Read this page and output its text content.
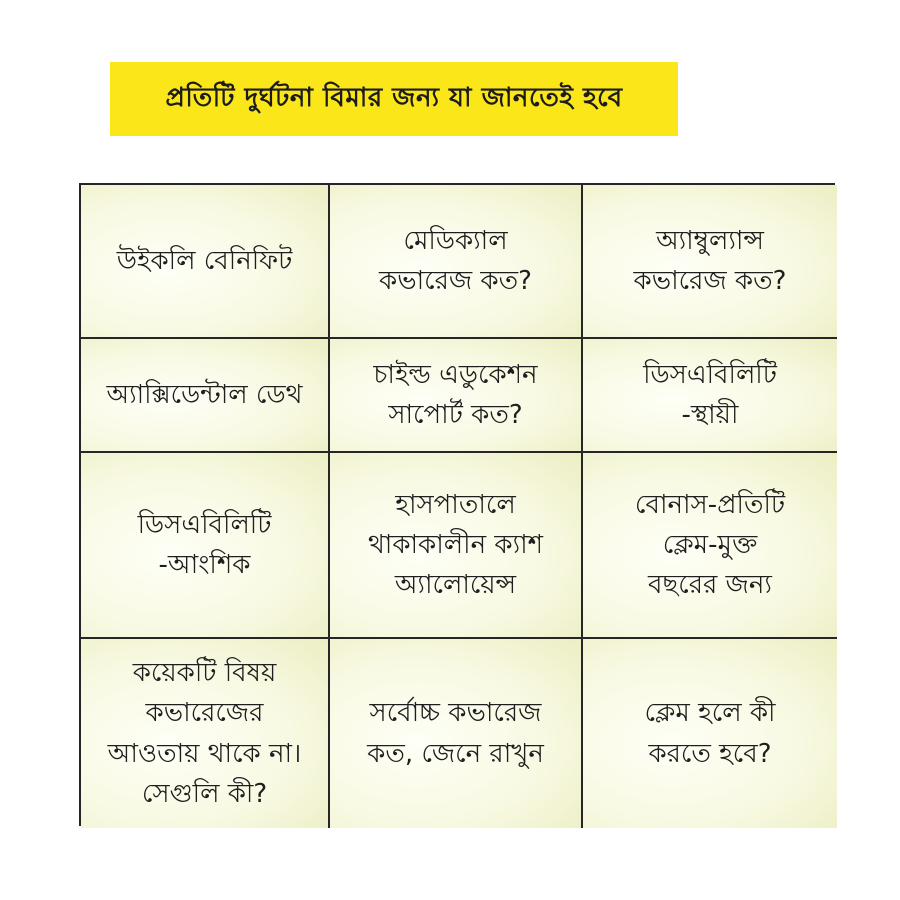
প্রতিটি দুর্ঘটনা বিমার জন্য যা জানতেই হবে
উইকলি বেনিফিট
মেডিক্যাল
কভারেজ কত?
অ্যাম্বুল্যান্স
কভারেজ কত?
অ্যাক্সিডেন্টাল ডেথ
চাইল্ড এডুকেশন
সাপোর্ট কত?
ডিসএবিলিটি
-স্থায়ী
ডিসএবিলিটি
-আংশিক
হাসপাতালে
থাকাকালীন ক্যাশ
অ্যালোয়েন্স
বোনাস-প্রতিটি
ক্লেম-মুক্ত
বছরের জন্য
কয়েকটি বিষয়
কভারেজের
আওতায় থাকে না।
সেগুলি কী?
সর্বোচ্চ কভারেজ
কত, জেনে রাখুন
ক্লেম হলে কী
করতে হবে?
